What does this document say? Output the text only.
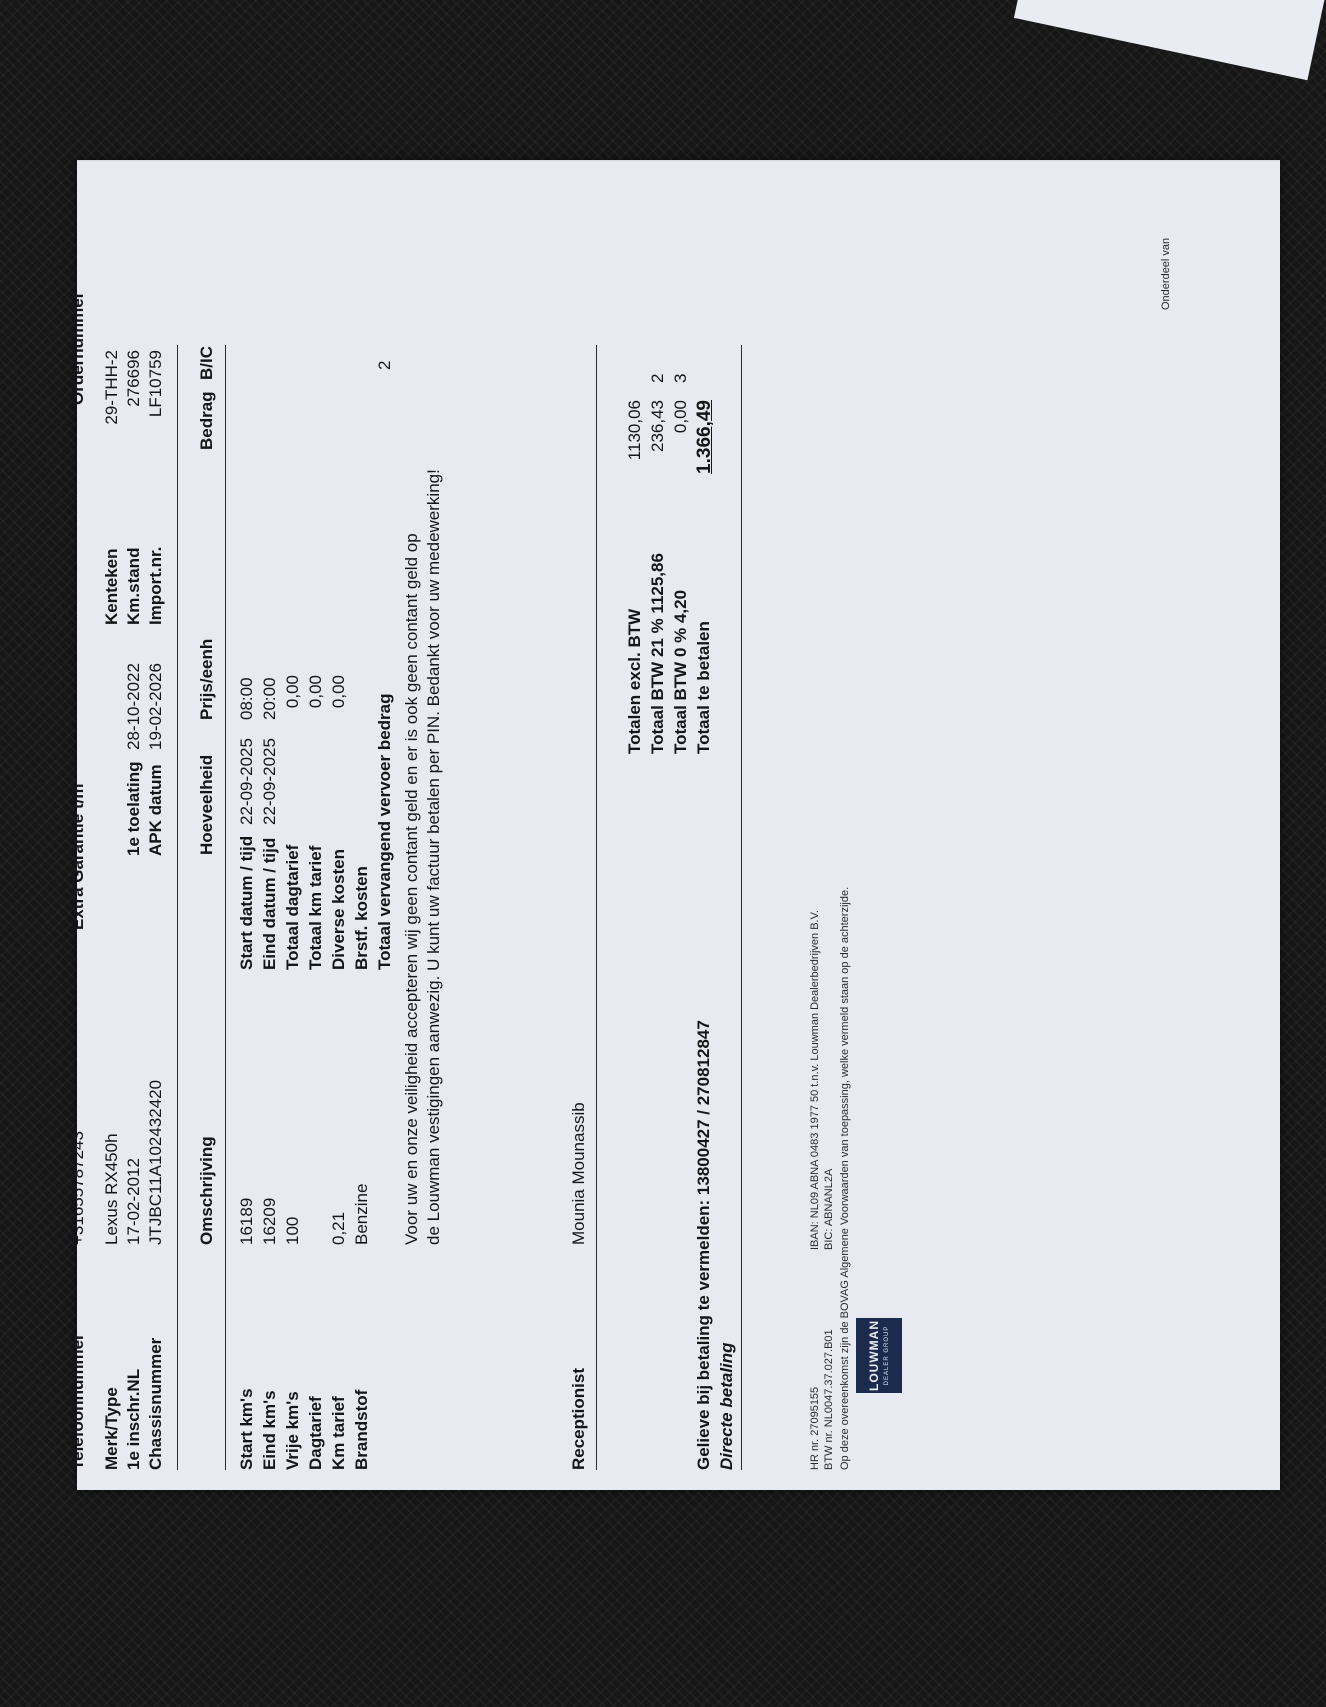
Telefoonnummer
+31655787243
Extra Garantie t/m
Ordernummer
Merk/Type
Lexus RX450h
1e inschr.NL
17-02-2012
Chassisnummer
JTJBC11A102432420
1e toelating
28-10-2022
APK datum
19-02-2026
Kenteken Km.stand Import.nr.
29-THH-2 276696 LF10759
Omschrijving
Hoeveelheid
Prijs/eenh
Bedrag
B/IC
Start km's
16189
Eind km's
16209
Vrije km's
100
Dagtarief Km tarief
0,21
Brandstof
Benzine
Start datum / tijd
22-09-2025
08:00
Eind datum / tijd
22-09-2025
20:00
Totaal dagtarief
0,00
Totaal km tarief
0,00
Diverse kosten
0,00
Brstf. kosten Totaal vervangend vervoer bedrag
2
Voor uw en onze veiligheid accepteren wij geen contant geld en er is ook geen contant geld op de Louwman vestigingen aanwezig. U kunt uw factuur betalen per PIN. Bedankt voor uw medewerking!
Receptionist
Mounia Mounassib
Totalen excl. BTW
1130,06
Totaal BTW 21 % 1125,86
236,43
2
Totaal BTW 0 % 4,20
0,00
3
Totaal te betalen
1.366,49
Gelieve bij betaling te vermelden: 13800427 / 270812847 Directe betaling	HR nr. 27095155 BTW nr. NL0047.37.027.B01
IBAN: NL09 ABNA 0483 1977 50 t.n.v. Louwman Dealerbedrijven B.V. BIC: ABNANL2A Op deze overeenkomst zijn de BOVAG Algemene Voorwaarden van toepassing, welke vermeld staan op de achterzijde.
Onderdeel van
LOUWMAN DEALER GROUP
